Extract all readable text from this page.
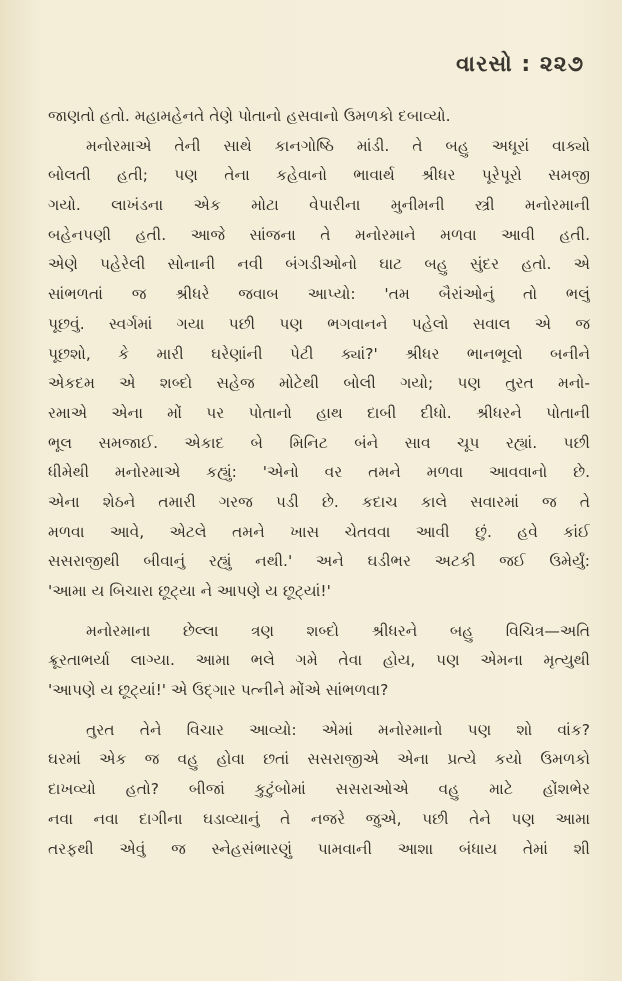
વારસો : ૨૨૭
જાણતો હતો. મહામહેનતે તેણે પોતાનો હસવાનો ઉમળકો દબાવ્યો.
મનોરમાએ તેની સાથે કાનગોષ્ઠિ માંડી. તે બહુ અધૂરાં વાક્યો
બોલતી હતી; પણ તેના કહેવાનો ભાવાર્થ શ્રીધર પૂરેપૂરો સમજી
ગયો. લાખંડના એક મોટા વેપારીના મુનીમની સ્ત્રી મનોરમાની
બહેનપણી હતી. આજે સાંજના તે મનોરમાને મળવા આવી હતી.
એણે પહેરેલી સોનાની નવી બંગડીઓનો ઘાટ બહુ સુંદર હતો. એ
સાંભળતાં જ શ્રીધરે જવાબ આપ્યો: 'તમ બૈરાંઓનું તો ભલું
પૂછવું. સ્વર્ગમાં ગયા પછી પણ ભગવાનને પહેલો સવાલ એ જ
પૂછશો, કે મારી ઘરેણાંની પેટી ક્યાં?' શ્રીધર ભાનભૂલો બનીને
એકદમ એ શબ્દો સહેજ મોટેથી બોલી ગયો; પણ તુરત મનો-
રમાએ એના મોં પર પોતાનો હાથ દાબી દીધો. શ્રીધરને પોતાની
ભૂલ સમજાઈ. એકાદ બે મિનિટ બંને સાવ ચૂપ રહ્યાં. પછી
ધીમેથી મનોરમાએ કહ્યું: 'એનો વર તમને મળવા આવવાનો છે.
એના શેઠને તમારી ગરજ પડી છે. કદાચ કાલે સવારમાં જ તે
મળવા આવે, એટલે તમને ખાસ ચેતવવા આવી છું. હવે કાંઈ
સસરાજીથી બીવાનું રહ્યું નથી.' અને ઘડીભર અટકી જઈ ઉમેર્યું:
'આમા ય બિચારા છૂટ્યા ને આપણે ય છૂટ્યાં!'
મનોરમાના છેલ્લા ત્રણ શબ્દો શ્રીધરને બહુ વિચિત્ર—અતિ
ક્રૂરતાભર્યા લાગ્યા. આમા ભલે ગમે તેવા હોય, પણ એમના મૃત્યુથી
'આપણે ય છૂટ્યાં!' એ ઉદ્ગાર પત્નીને મોંએ સાંભળવા?
તુરત તેને વિચાર આવ્યો: એમાં મનોરમાનો પણ શો વાંક?
ઘરમાં એક જ વહુ હોવા છતાં સસરાજીએ એના પ્રત્યે કયો ઉમળકો
દાખવ્યો હતો? બીજાં કુટુંબોમાં સસરાઓએ વહુ માટે હોંશભેર
નવા નવા દાગીના ઘડાવ્યાનું તે નજરે જુએ, પછી તેને પણ આમા
તરફથી એવું જ સ્નેહસંભારણું પામવાની આશા બંધાય તેમાં શી
